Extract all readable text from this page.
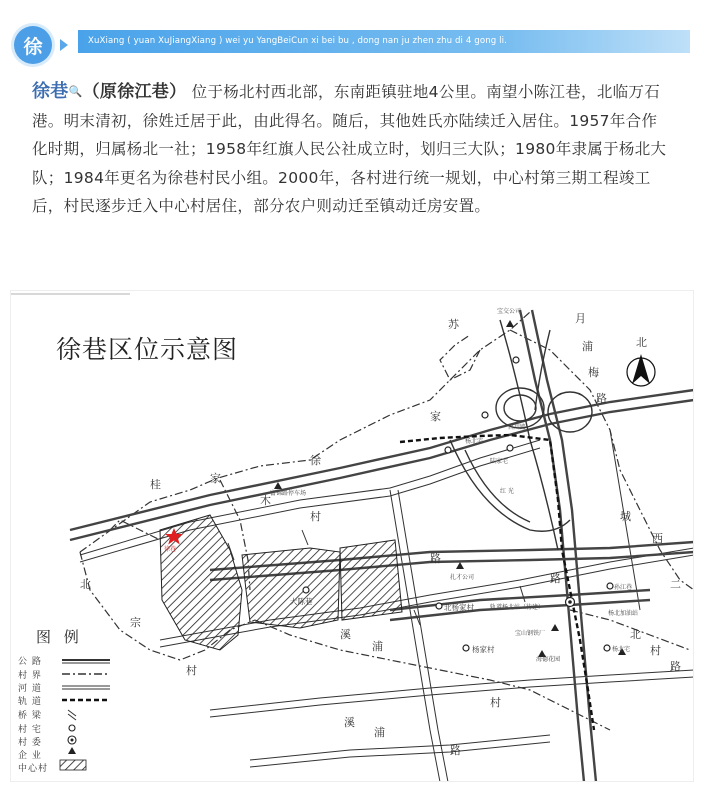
徐	XuXiang ( yuan XuJiangXiang ) wei yu YangBeiCun xi bei bu , dong nan ju zhen zhu di 4 gong li.
徐巷🔍（原徐江巷） 位于杨北村西北部，东南距镇驻地4公里。南望小陈江巷，北临万石港。明末清初，徐姓迁居于此，由此得名。随后，其他姓氏亦陆续迁入居住。1957年合作化时期，归属杨北一社；1958年红旗人民公社成立时，划归三大队；1980年隶属于杨北大队；1984年更名为徐巷村民小组。2000年，各村进行统一规划，中心村第三期工程竣工后，村民逐步迁入中心村居住，部分农户则动迁至镇动迁房安置。
徐巷区位示意图	北
苏	月
浦
梅
路
家
徐
桂	家
木
村	城
西
二
北
宗
村
溪
浦
溪
浦
路
村
北
村
路
路
路
宝交公司
昌川路
杨北宅
陆家宅
富锦路停车场	红 光
大陈巷
扎才公司
北杨家村	轨道杨北站（待建）
杨家村
宝山钢铁厂
海德花园
孙江巷
杨北加油站
杨北宅
徐巷
图 例
公 路
村 界
河 道
轨 道
桥 梁
村 宅
村 委
企 业
中心村
